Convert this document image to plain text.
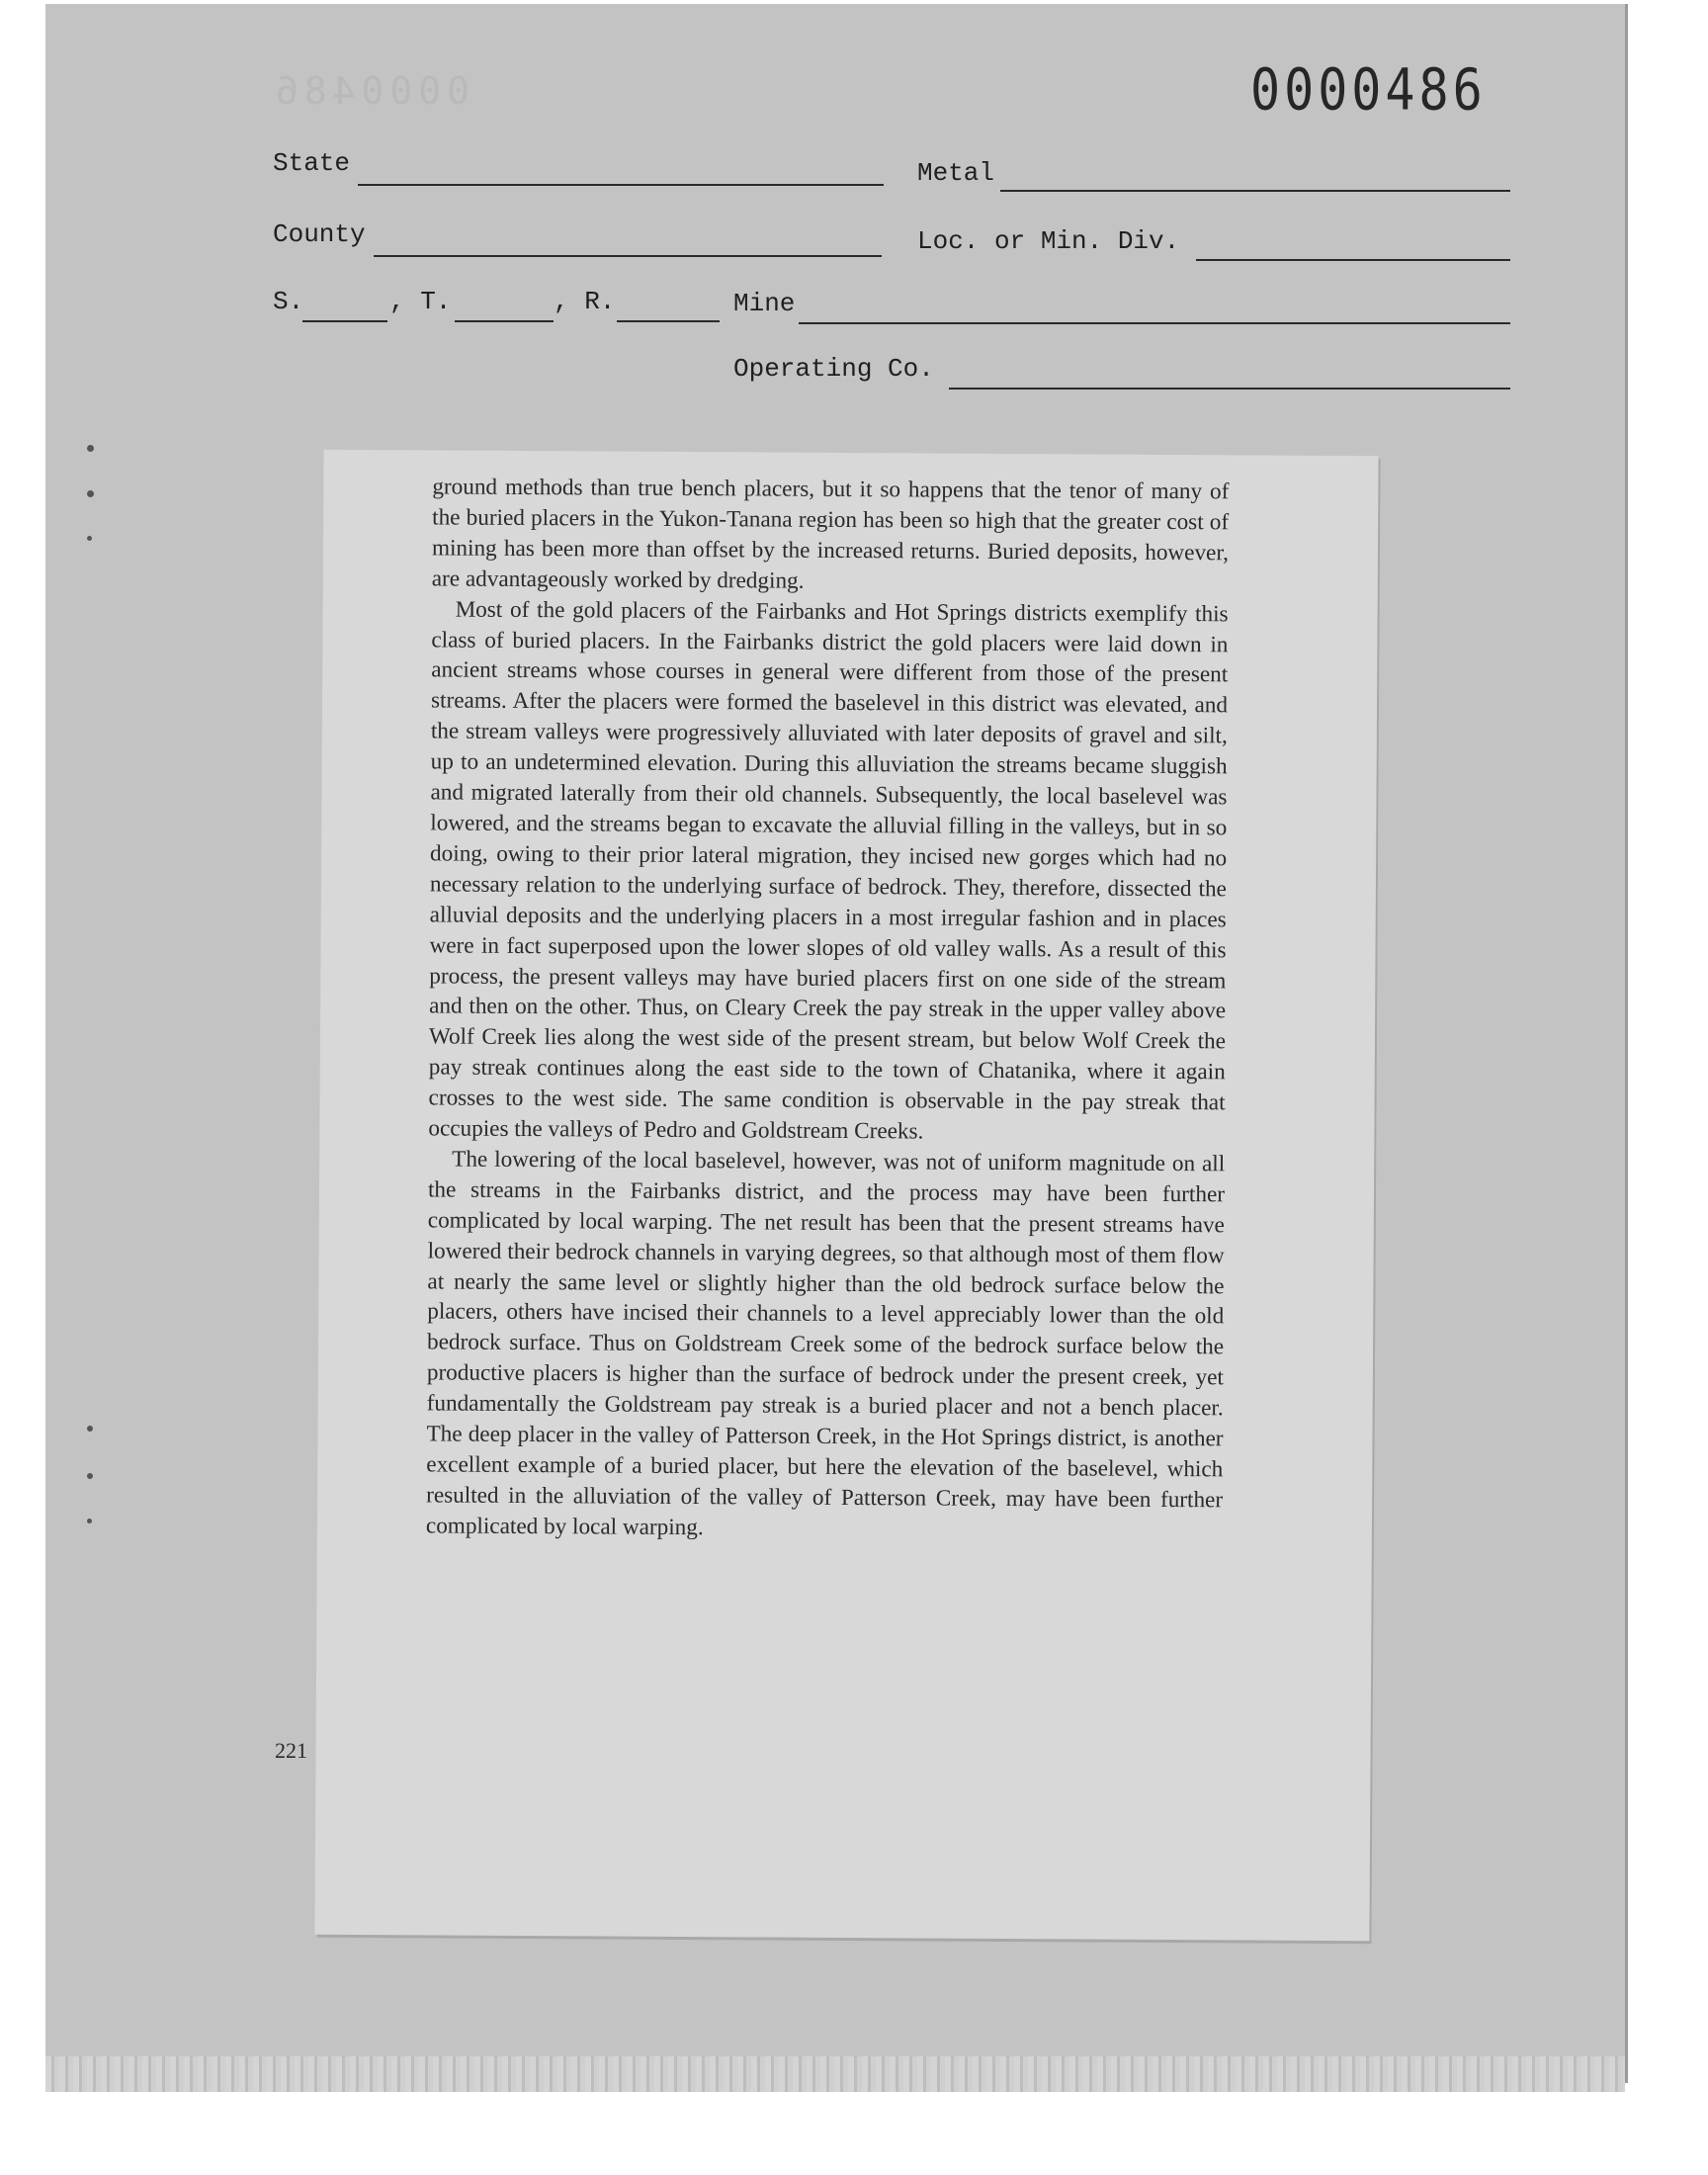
0000486	0000486
State	Metal
County	Loc. or Min. Div.
S.	, T.	, R.	Mine
Operating Co.

ground methods than true bench placers, but it so happens that the tenor of many of the buried placers in the Yukon-Tanana region has been so high that the greater cost of mining has been more than offset by the increased returns. Buried deposits, however, are advantageously worked by dredging.

Most of the gold placers of the Fairbanks and Hot Springs districts exemplify this class of buried placers. In the Fairbanks district the gold placers were laid down in ancient streams whose courses in general were different from those of the present streams. After the placers were formed the baselevel in this district was elevated, and the stream valleys were progressively alluviated with later deposits of gravel and silt, up to an undetermined elevation. During this alluviation the streams became sluggish and migrated laterally from their old channels. Subsequently, the local baselevel was lowered, and the streams began to excavate the alluvial filling in the valleys, but in so doing, owing to their prior lateral migration, they incised new gorges which had no necessary relation to the underlying surface of bedrock. They, therefore, dissected the alluvial deposits and the underlying placers in a most irregular fashion and in places were in fact superposed upon the lower slopes of old valley walls. As a result of this process, the present valleys may have buried placers first on one side of the stream and then on the other. Thus, on Cleary Creek the pay streak in the upper valley above Wolf Creek lies along the west side of the present stream, but below Wolf Creek the pay streak continues along the east side to the town of Chatanika, where it again crosses to the west side. The same condition is observable in the pay streak that occupies the valleys of Pedro and Goldstream Creeks.

The lowering of the local baselevel, however, was not of uniform magnitude on all the streams in the Fairbanks district, and the process may have been further complicated by local warping. The net result has been that the present streams have lowered their bedrock channels in varying degrees, so that although most of them flow at nearly the same level or slightly higher than the old bedrock surface below the placers, others have incised their channels to a level appreciably lower than the old bedrock surface. Thus on Goldstream Creek some of the bedrock surface below the productive placers is higher than the surface of bedrock under the present creek, yet fundamentally the Goldstream pay streak is a buried placer and not a bench placer. The deep placer in the valley of Patterson Creek, in the Hot Springs district, is another excellent example of a buried placer, but here the elevation of the baselevel, which resulted in the alluviation of the valley of Patterson Creek, may have been further complicated by local warping.

221
